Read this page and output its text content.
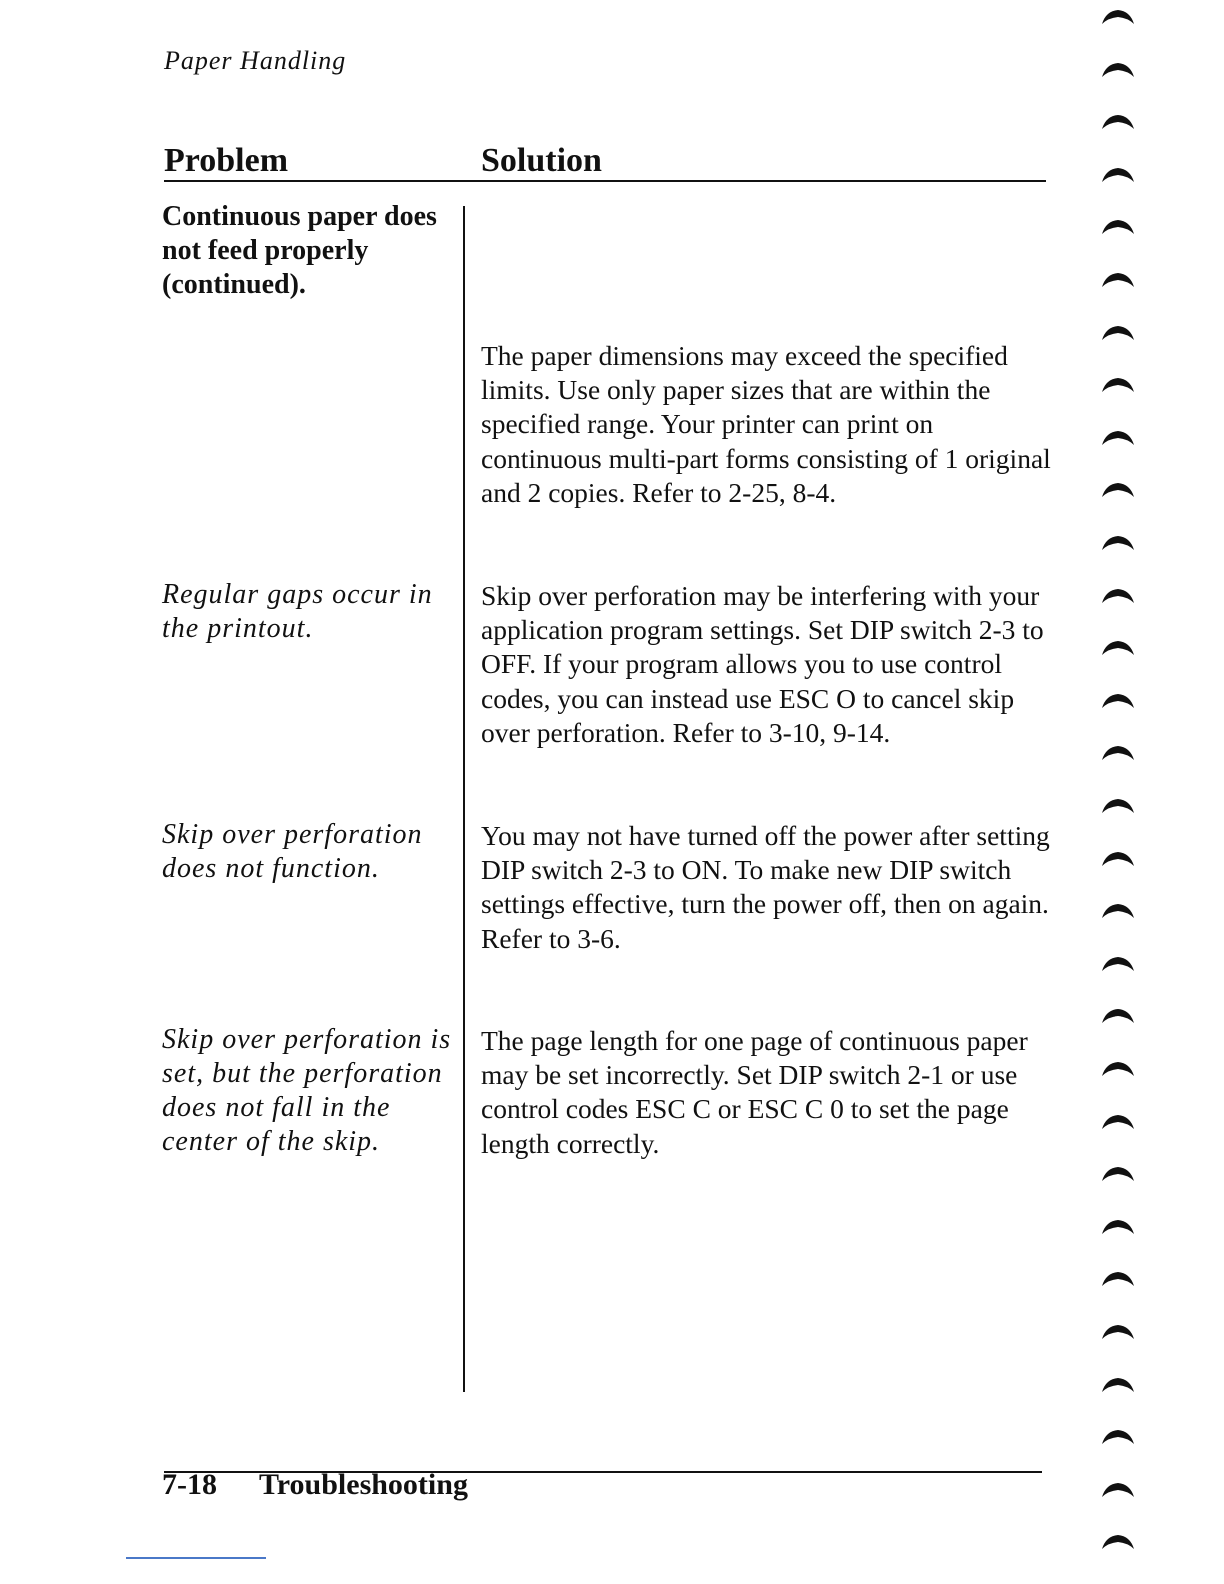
Paper Handling
Problem	Solution
Continuous paper does not feed properly (continued).
The paper dimensions may exceed the specified limits. Use only paper sizes that are within the specified range. Your printer can print on continuous multi-part forms consisting of 1 original and 2 copies. Refer to 2-25, 8-4.
Regular gaps occur in the printout.
Skip over perforation may be interfering with your application program settings. Set DIP switch 2-3 to OFF. If your program allows you to use control codes, you can instead use ESC O to cancel skip over perforation. Refer to 3-10, 9-14.
Skip over perforation does not function.
You may not have turned off the power after setting DIP switch 2-3 to ON. To make new DIP switch settings effective, turn the power off, then on again. Refer to 3-6.
Skip over perforation is set, but the perforation does not fall in the center of the skip.
The page length for one page of continuous paper may be set incorrectly. Set DIP switch 2-1 or use control codes ESC C or ESC C 0 to set the page length correctly.
7-18 Troubleshooting
